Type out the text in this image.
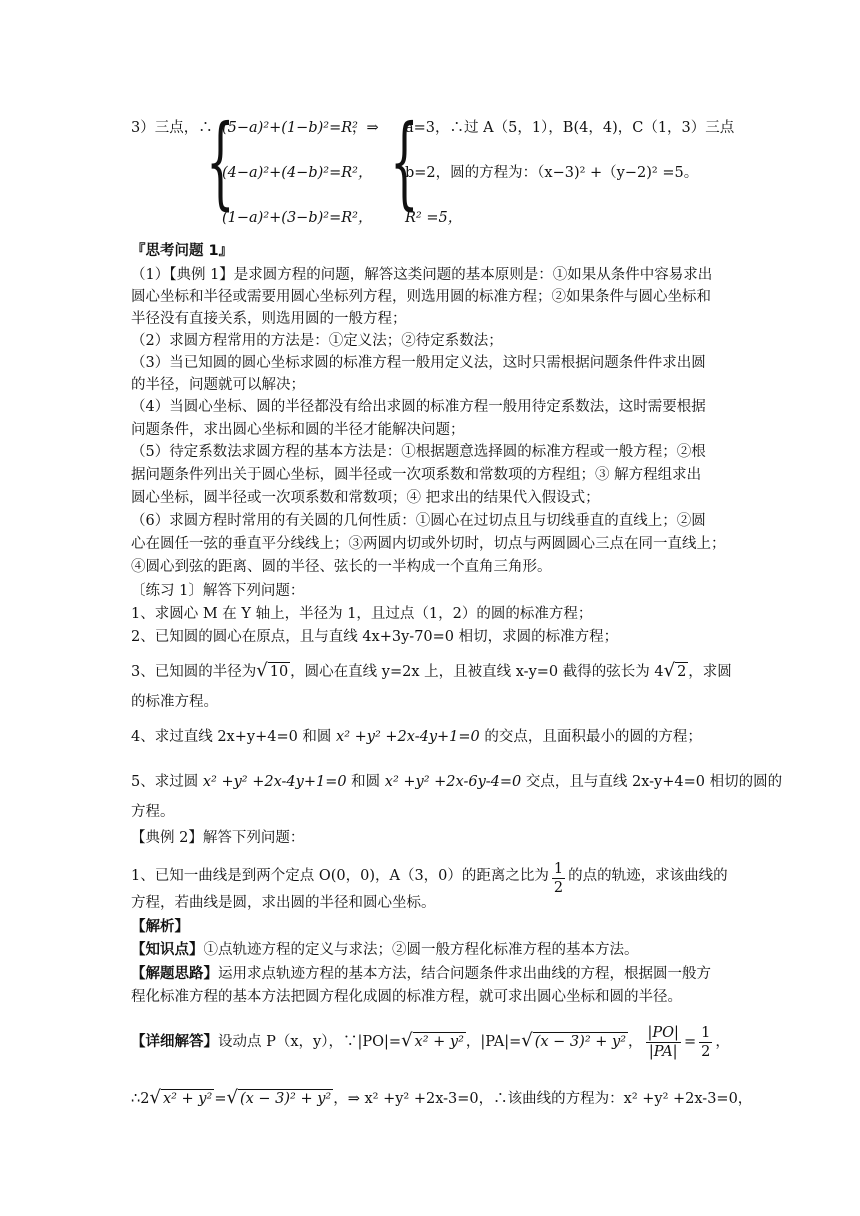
3）三点，∴
{
(5−a)²+(1−b)²=R²
，⇒
(4−a)²+(4−b)²=R²，
(1−a)²+(3−b)²=R²， {
a=3，∴过 A（5，1），B(4，4)，C（1，3）三点
b=2，圆的方程为：（x−3)² +（y−2)² =5。
R² =5，
『思考问题 1』
（1）【典例 1】是求圆方程的问题，解答这类问题的基本原则是：①如果从条件中容易求出
圆心坐标和半径或需要用圆心坐标列方程，则选用圆的标准方程；②如果条件与圆心坐标和
半径没有直接关系，则选用圆的一般方程；
（2）求圆方程常用的方法是：①定义法；②待定系数法；
（3）当已知圆的圆心坐标求圆的标准方程一般用定义法，这时只需根据问题条件件求出圆
的半径，问题就可以解决；
（4）当圆心坐标、圆的半径都没有给出求圆的标准方程一般用待定系数法，这时需要根据
问题条件，求出圆心坐标和圆的半径才能解决问题；
（5）待定系数法求圆方程的基本方法是：①根据题意选择圆的标准方程或一般方程；②根
据问题条件列出关于圆心坐标，圆半径或一次项系数和常数项的方程组；③ 解方程组求出
圆心坐标，圆半径或一次项系数和常数项；④ 把求出的结果代入假设式；
（6）求圆方程时常用的有关圆的几何性质：①圆心在过切点且与切线垂直的直线上；②圆
心在圆任一弦的垂直平分线线上；③两圆内切或外切时，切点与两圆圆心三点在同一直线上；
④圆心到弦的距离、圆的半径、弦长的一半构成一个直角三角形。
〔练习 1〕解答下列问题：
1、求圆心 M 在 Y 轴上，半径为 1，且过点（1，2）的圆的标准方程；
2、已知圆的圆心在原点，且与直线 4x+3y-70=0 相切，求圆的标准方程；
3、已知圆的半径为√ 10 ，圆心在直线 y=2x 上，且被直线 x-y=0 截得的弦长为 4√ 2 ，求圆
的标准方程。
4、求过直线 2x+y+4=0 和圆 x² +y² +2x-4y+1=0 的交点，且面积最小的圆的方程；
5、求过圆 x² +y² +2x-4y+1=0 和圆 x² +y² +2x-6y-4=0 交点，且与直线 2x-y+4=0 相切的圆的
方程。
【典例 2】解答下列问题：
1、已知一曲线是到两个定点 O(0，0)，A（3，0）的距离之比为 $\frac{1}{2}$ 的点的轨迹，求该曲线的
方程，若曲线是圆，求出圆的半径和圆心坐标。
【解析】
【知识点】①点轨迹方程的定义与求法；②圆一般方程化标准方程的基本方法。
【解题思路】运用求点轨迹方程的基本方法，结合问题条件求出曲线的方程，根据圆一般方
程化标准方程的基本方法把圆方程化成圆的标准方程，就可求出圆心坐标和圆的半径。
【详细解答】设动点 P（x，y），∵|PO|=√ x² + y² ，|PA|=√ (x − 3)² + y² ， $\frac{|PO|}{|PA|} = \frac{1}{2}$ ，
∴2√ x² + y² =√ (x − 3)² + y² ，⇒ x² +y² +2x-3=0，∴该曲线的方程为：x² +y² +2x-3=0，
